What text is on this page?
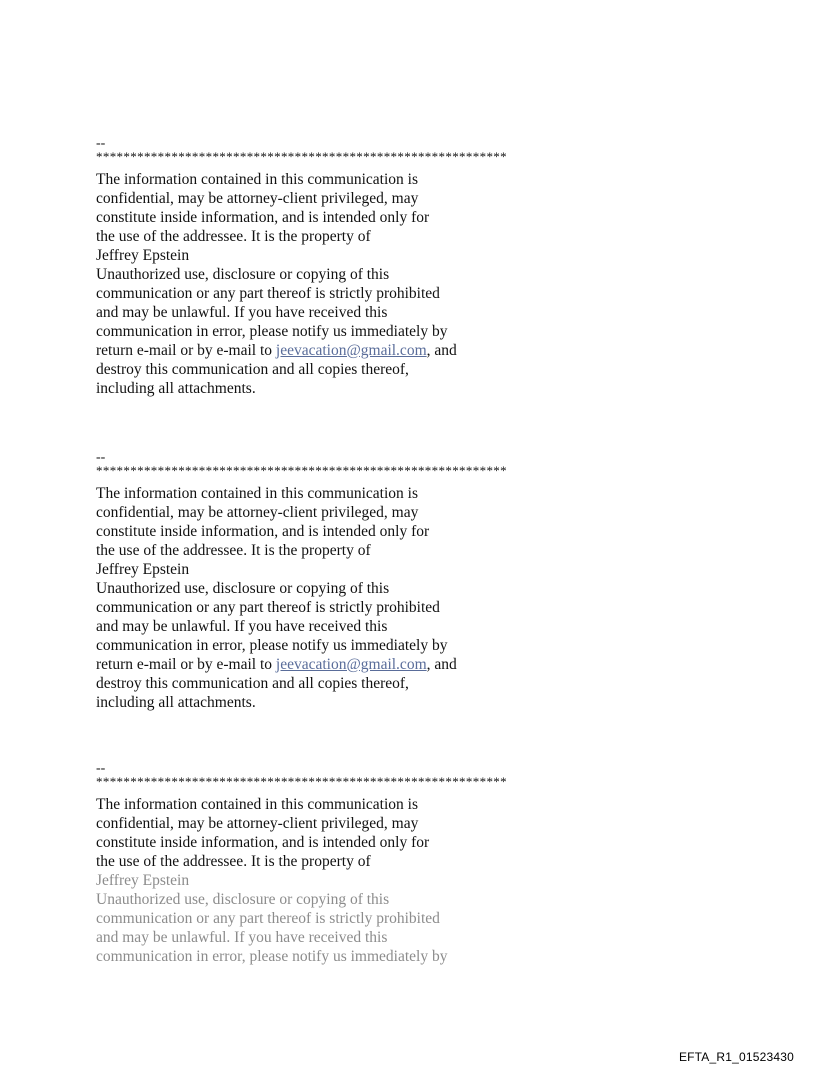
--
************************************************************
The information contained in this communication is
confidential, may be attorney-client privileged, may
constitute inside information, and is intended only for
the use of the addressee. It is the property of
Jeffrey Epstein
Unauthorized use, disclosure or copying of this
communication or any part thereof is strictly prohibited
and may be unlawful. If you have received this
communication in error, please notify us immediately by
return e-mail or by e-mail to jeevacation@gmail.com, and
destroy this communication and all copies thereof,
including all attachments.
--
************************************************************
The information contained in this communication is
confidential, may be attorney-client privileged, may
constitute inside information, and is intended only for
the use of the addressee. It is the property of
Jeffrey Epstein
Unauthorized use, disclosure or copying of this
communication or any part thereof is strictly prohibited
and may be unlawful. If you have received this
communication in error, please notify us immediately by
return e-mail or by e-mail to jeevacation@gmail.com, and
destroy this communication and all copies thereof,
including all attachments.
--
************************************************************
The information contained in this communication is
confidential, may be attorney-client privileged, may
constitute inside information, and is intended only for
the use of the addressee. It is the property of
Jeffrey Epstein
Unauthorized use, disclosure or copying of this
communication or any part thereof is strictly prohibited
and may be unlawful. If you have received this
communication in error, please notify us immediately by
EFTA_R1_01523430
